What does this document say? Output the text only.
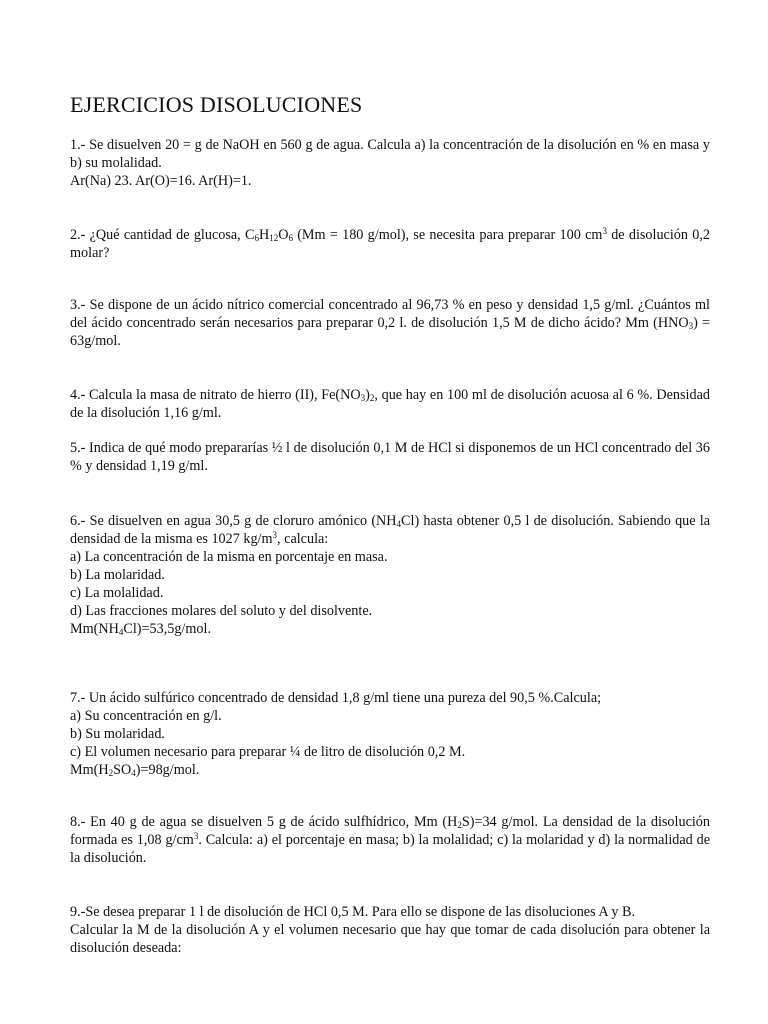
EJERCICIOS DISOLUCIONES

1.- Se disuelven 20 = g de NaOH en 560 g de agua. Calcula a) la concentración de la disolución en % en masa y b) su molalidad.

Ar(Na) 23. Ar(O)=16. Ar(H)=1.

2.- ¿Qué cantidad de glucosa, $C_6H_{12}O_6$ (Mm = 180 g/mol), se necesita para preparar 100 $cm^3$ de disolución 0,2 molar?

3.- Se dispone de un ácido nítrico comercial concentrado al 96,73 % en peso y densidad 1,5 g/ml. ¿Cuántos ml del ácido concentrado serán necesarios para preparar 0,2 l. de disolución 1,5 M de dicho ácido? Mm $(HNO_3) = 63g/mol$.

4.- Calcula la masa de nitrato de hierro (II), $Fe(NO_3)_2$, que hay en 100 ml de disolución acuosa al 6 %. Densidad de la disolución 1,16 g/ml.

5.- Indica de qué modo prepararías ½ l de disolución 0,1 M de HCl si disponemos de un HCl concentrado del 36 % y densidad 1,19 g/ml.

6.- Se disuelven en agua 30,5 g de cloruro amónico $(NH_4Cl)$ hasta obtener 0,5 l de disolución. Sabiendo que la densidad de la misma es 1027 $kg/m^3$, calcula:

a) La concentración de la misma en porcentaje en masa.

b) La molaridad.

c) La molalidad.

d) Las fracciones molares del soluto y del disolvente.

$Mm(NH_4Cl)=53,5g$/mol.

7.- Un ácido sulfúrico concentrado de densidad 1,8 g/ml tiene una pureza del 90,5 %.Calcula;

a) Su concentración en g/l.

b) Su molaridad.

c) El volumen necesario para preparar ¼ de litro de disolución 0,2 M.

$Mm(H_2SO_4)=98g$/mol.

8.- En 40 g de agua se disuelven 5 g de ácido sulfhídrico, Mm $(H_2S)=34$ g/mol. La densidad de la disolución formada es 1,08 $g/cm^3$. Calcula: a) el porcentaje en masa; b) la molalidad; c) la molaridad y d) la normalidad de la disolución.

9.-Se desea preparar 1 l de disolución de HCl 0,5 M. Para ello se dispone de las disoluciones A y B.

Calcular la M de la disolución A y el volumen necesario que hay que tomar de cada disolución para obtener la disolución deseada:
